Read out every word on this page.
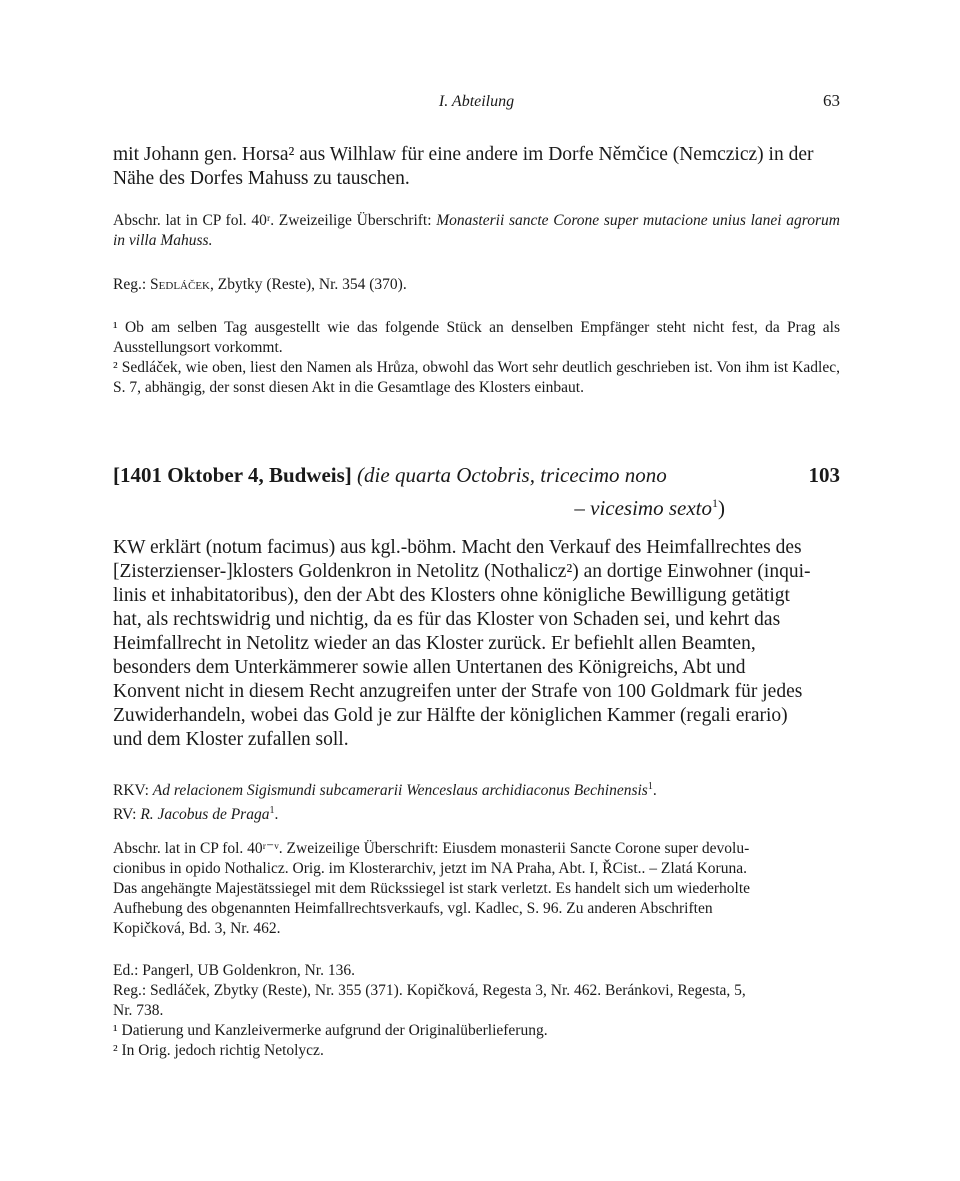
I. Abteilung	63
mit Johann gen. Horsa² aus Wilhlaw für eine andere im Dorfe Němčice (Nemczicz) in der
Nähe des Dorfes Mahuss zu tauschen.
Abschr. lat in CP fol. 40ʳ. Zweizeilige Überschrift: Monasterii sancte Corone super mutacione unius lanei agrorum in villa Mahuss.
Reg.: Sedláček, Zbytky (Reste), Nr. 354 (370).

¹ Ob am selben Tag ausgestellt wie das folgende Stück an denselben Empfänger steht nicht fest, da Prag als Ausstellungsort vorkommt.

² Sedláček, wie oben, liest den Namen als Hrůza, obwohl das Wort sehr deutlich geschrieben ist. Von ihm ist Kadlec, S. 7, abhängig, der sonst diesen Akt in die Gesamtlage des Klosters einbaut.

[1401 Oktober 4, Budweis] (die quarta Octobris, tricecimo nono	103
– vicesimo sexto$^1$)
KW erklärt (notum facimus) aus kgl.-böhm. Macht den Verkauf des Heimfallrechtes des
[Zisterzienser-]klosters Goldenkron in Netolitz (Nothalicz²) an dortige Einwohner (inqui-
linis et inhabitatoribus), den der Abt des Klosters ohne königliche Bewilligung getätigt
hat, als rechtswidrig und nichtig, da es für das Kloster von Schaden sei, und kehrt das
Heimfallrecht in Netolitz wieder an das Kloster zurück. Er befiehlt allen Beamten,
besonders dem Unterkämmerer sowie allen Untertanen des Königreichs, Abt und
Konvent nicht in diesem Recht anzugreifen unter der Strafe von 100 Goldmark für jedes
Zuwiderhandeln, wobei das Gold je zur Hälfte der königlichen Kammer (regali erario)
und dem Kloster zufallen soll.
RKV: Ad relacionem Sigismundi subcamerarii Wenceslaus archidiaconus Bechinensis$^1$.
RV: R. Jacobus de Praga$^1$.
Abschr. lat in CP fol. 40ʳ⁻ᵛ. Zweizeilige Überschrift: Eiusdem monasterii Sancte Corone super devolu-
cionibus in opido Nothalicz. Orig. im Klosterarchiv, jetzt im NA Praha, Abt. I, ŘCist.. – Zlatá Koruna.
Das angehängte Majestätssiegel mit dem Rückssiegel ist stark verletzt. Es handelt sich um wiederholte
Aufhebung des obgenannten Heimfallrechtsverkaufs, vgl. Kadlec, S. 96. Zu anderen Abschriften
Kopičková, Bd. 3, Nr. 462.
Ed.: Pangerl, UB Goldenkron, Nr. 136.
Reg.: Sedláček, Zbytky (Reste), Nr. 355 (371). Kopičková, Regesta 3, Nr. 462. Beránkovi, Regesta, 5,
Nr. 738.
¹ Datierung und Kanzleivermerke aufgrund der Originalüberlieferung.
² In Orig. jedoch richtig Netolycz.
